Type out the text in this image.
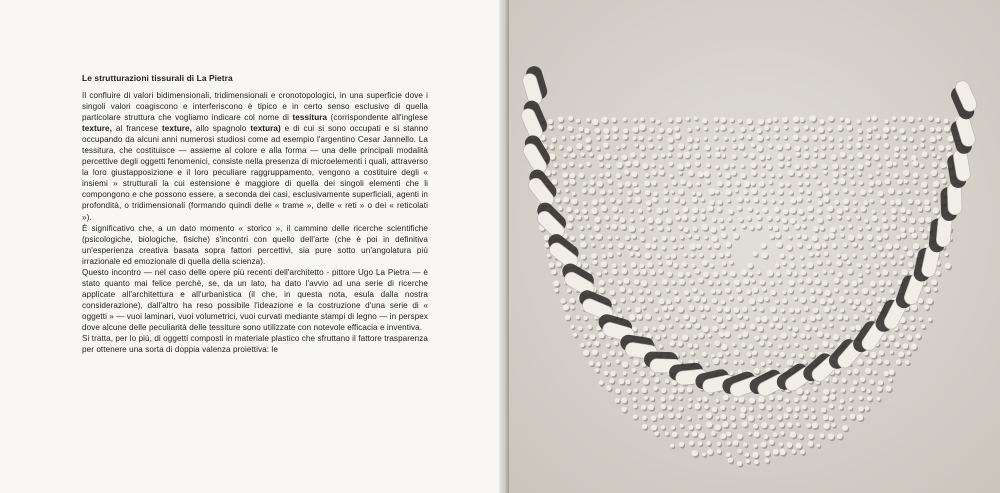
Le strutturazioni tissurali di La Pietra

Il confluire di valori bidimensionali, tridimensionali e cronotopologici, in una superficie dove i singoli valori coagiscono e interferiscono è tipico e in certo senso esclusivo di quella particolare struttura che vogliamo indicare col nome di tessitura (corrispondente all'inglese texture, al francese texture, allo spagnolo textura) e di cui si sono occupati e si stanno occupando da alcuni anni numerosi studiosi come ad esempio l'argentino Cesar Jannello. La tessitura, che costituisce — assieme al colore e alla forma — una delle principali modalità percettive degli oggetti fenomenici, consiste nella presenza di microelementi i quali, attraverso la loro giustapposizione e il loro peculiare raggruppamento, vengono a costituire degli « insiemi » strutturali la cui estensione è maggiore di quella dei singoli elementi che li compongono e che possono essere, a seconda dei casi, esclusivamente superficiali, agenti in profondità, o tridimensionali (formando quindi delle « trame », delle « reti » o dei « reticolati »).

È significativo che, a un dato momento « storico », il cammino delle ricerche scientifiche (psicologiche, biologiche, fisiche) s'incontri con quello dell'arte (che è poi in definitiva un'esperienza creativa basata sopra fattori percettivi, sia pure sotto un'angolatura più irrazionale ed emozionale di quella della scienza).

Questo incontro — nel caso delle opere più recenti dell'architetto - pittore Ugo La Pietra — è stato quanto mai felice perchè, se, da un lato, ha dato l'avvio ad una serie di ricerche applicate all'architettura e all'urbanistica (il che, in questa nota, esula dalla nostra considerazione), dall'altro ha reso possibile l'ideazione e la costruzione d'una serie di « oggetti » — vuoi laminari, vuoi volumetrici, vuoi curvati mediante stampi di legno — in perspex dove alcune delle peculiarità delle tessiture sono utilizzate con notevole efficacia e inventiva.

Si tratta, per lo più, di oggetti composti in materiale plastico che sfruttano il fattore trasparenza per ottenere una sorta di doppia valenza proiettiva: le
